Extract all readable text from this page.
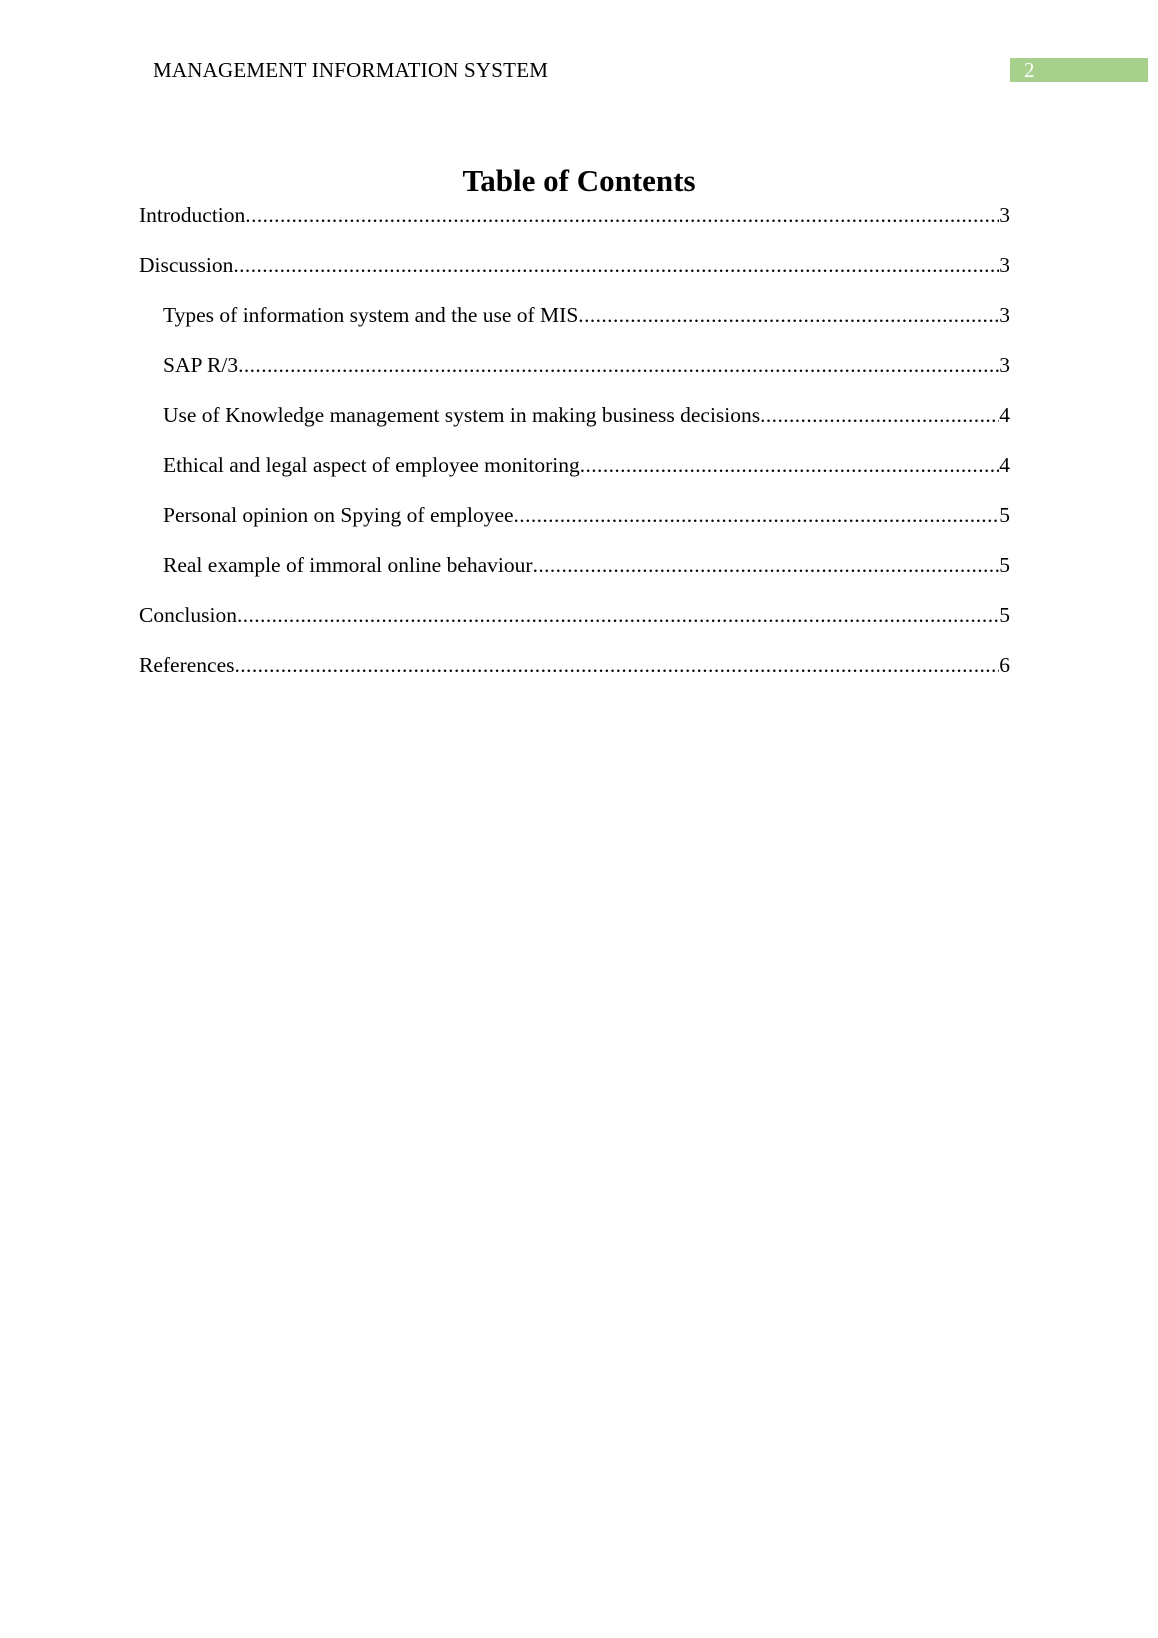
MANAGEMENT INFORMATION SYSTEM	2
Table of Contents
Introduction .....	3
Discussion .....	3
Types of information system and the use of MIS .....	3
SAP R/3 .....	3
Use of Knowledge management system in making business decisions .....	4
Ethical and legal aspect of employee monitoring .....	4
Personal opinion on Spying of employee .....	5
Real example of immoral online behaviour .....	5
Conclusion .....	5
References .....	6
